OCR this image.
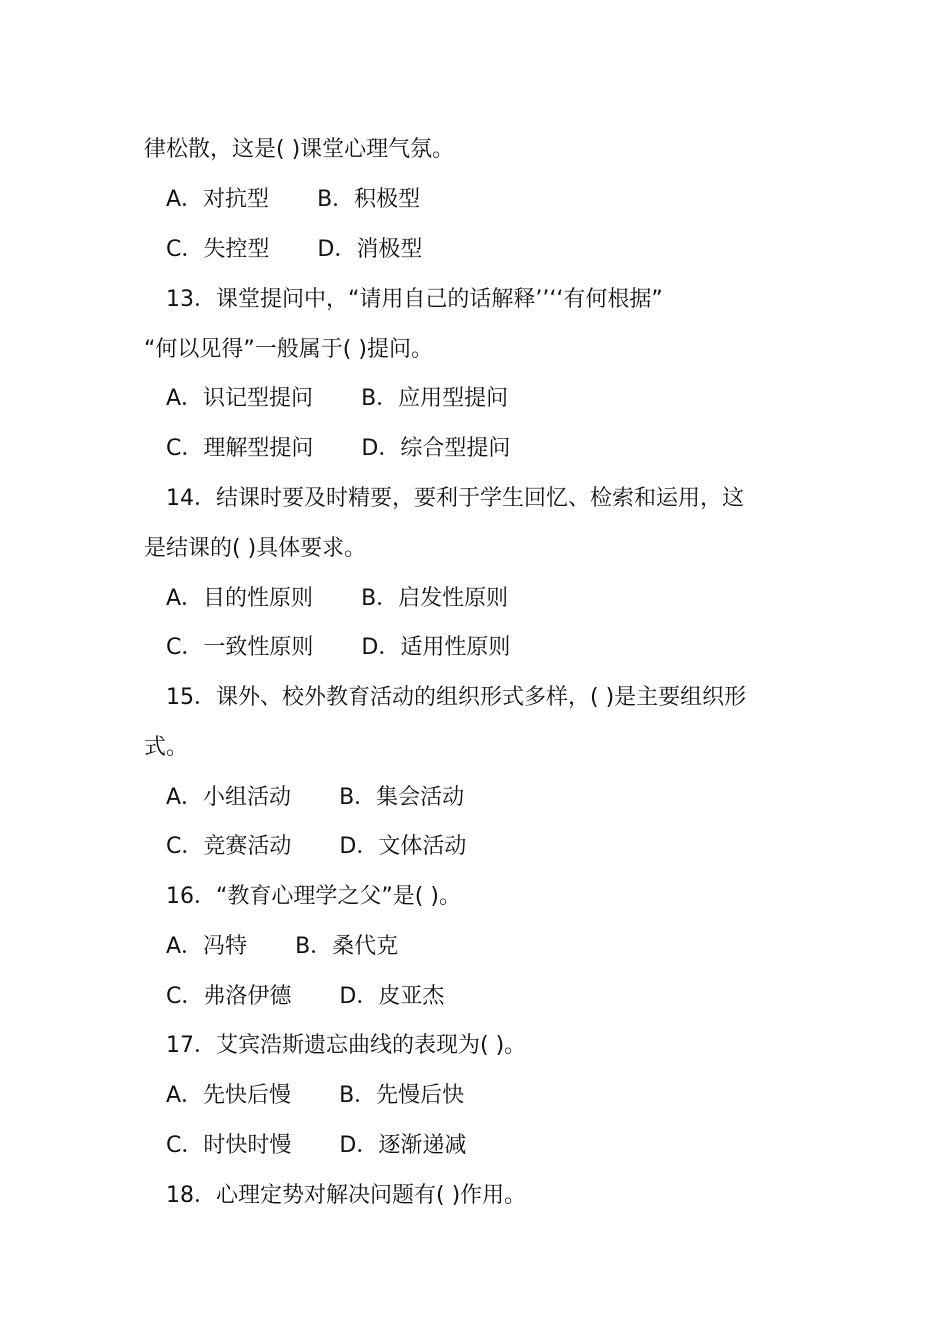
律松散，这是( )课堂心理气氛。
A．对抗型 B．积极型
C．失控型 D．消极型
13．课堂提问中，“请用自己的话解释’’‘‘有何根据”
“何以见得”一般属于( )提问。
A．识记型提问 B．应用型提问
C．理解型提问 D．综合型提问
14．结课时要及时精要，要利于学生回忆、检索和运用，这
是结课的( )具体要求。
A．目的性原则 B．启发性原则
C．一致性原则 D．适用性原则
15．课外、校外教育活动的组织形式多样，( )是主要组织形
式。
A．小组活动 B．集会活动
C．竞赛活动 D．文体活动
16．“教育心理学之父”是( )。
A．冯特 B．桑代克
C．弗洛伊德 D．皮亚杰
17．艾宾浩斯遗忘曲线的表现为( )。
A．先快后慢 B．先慢后快
C．时快时慢 D．逐渐递减
18．心理定势对解决问题有( )作用。
